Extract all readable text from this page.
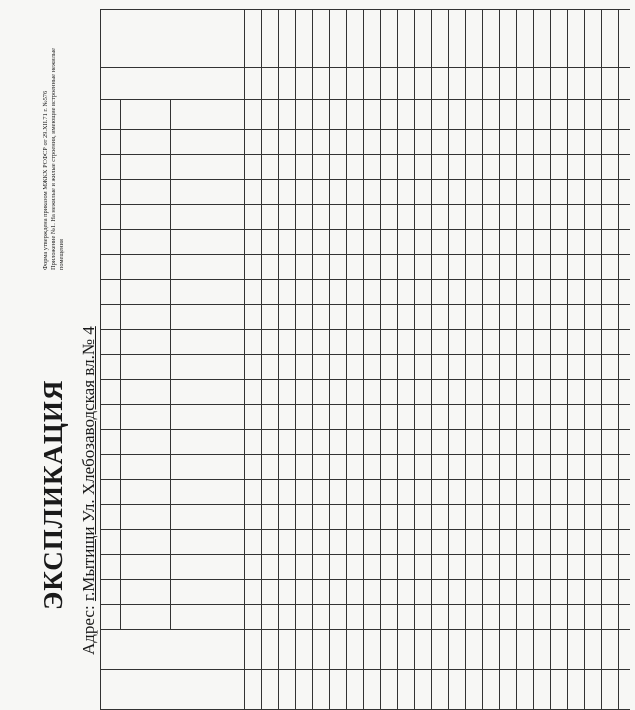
ЭКСПЛИКАЦИЯ
Адрес: г.Мытищи Ул. Хлебозаводская вл.№ 4
Форма утверждена приказом МЖКХ РСФСР от 29.XII.71 г. №576 Приложение №1. На нежилые и жилые строения, имеющие встроенные нежилые помещения
